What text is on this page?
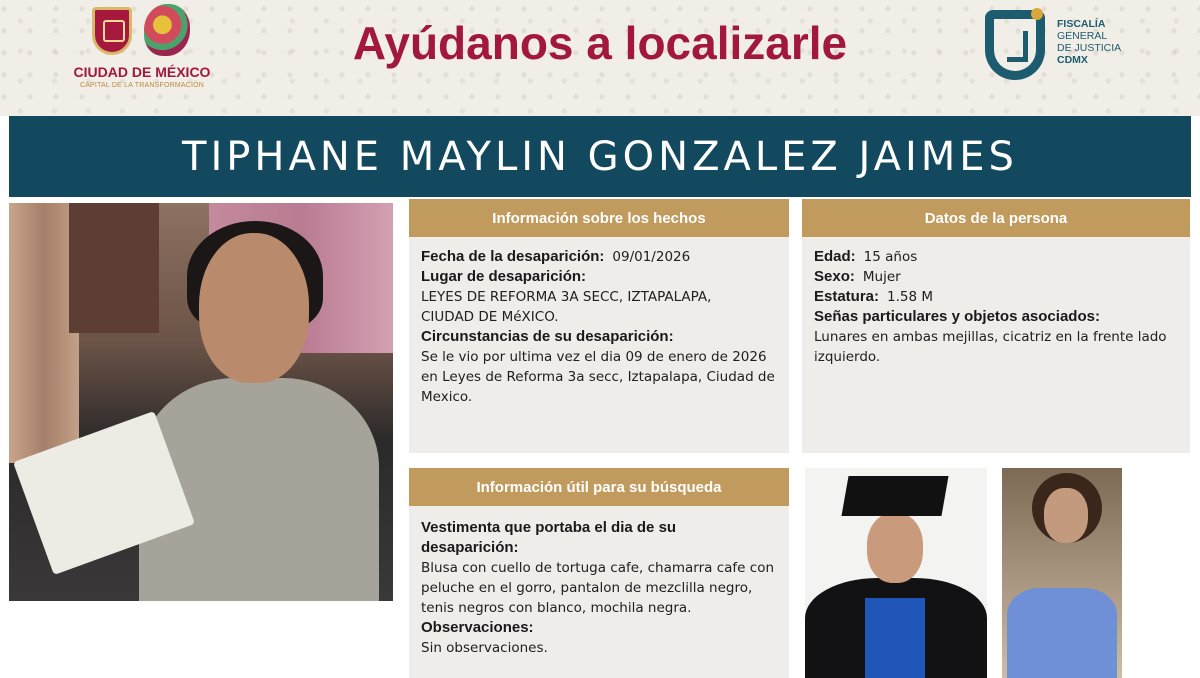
CIUDAD DE MÉXICO
CAPITAL DE LA TRANSFORMACIÓN
Ayúdanos a localizarle	FISCALÍA
GENERAL
DE JUSTICIA
CDMX
TIPHANE MAYLIN GONZALEZ JAIMES
Información sobre los hechos
Fecha de la desaparición: 09/01/2026
Lugar de desaparición:
LEYES DE REFORMA 3A SECC, IZTAPALAPA,
CIUDAD DE MéXICO.
Circunstancias de su desaparición:
Se le vio por ultima vez el dia 09 de enero de 2026
en Leyes de Reforma 3a secc, Iztapalapa, Ciudad de
Mexico.
Datos de la persona
Edad: 15 años
Sexo: Mujer
Estatura: 1.58 M
Señas particulares y objetos asociados:
Lunares en ambas mejillas, cicatriz en la frente lado
izquierdo.
Información útil para su búsqueda
Vestimenta que portaba el dia de su
desaparición:
Blusa con cuello de tortuga cafe, chamarra cafe con
peluche en el gorro, pantalon de mezclilla negro,
tenis negros con blanco, mochila negra.
Observaciones:
Sin observaciones.
